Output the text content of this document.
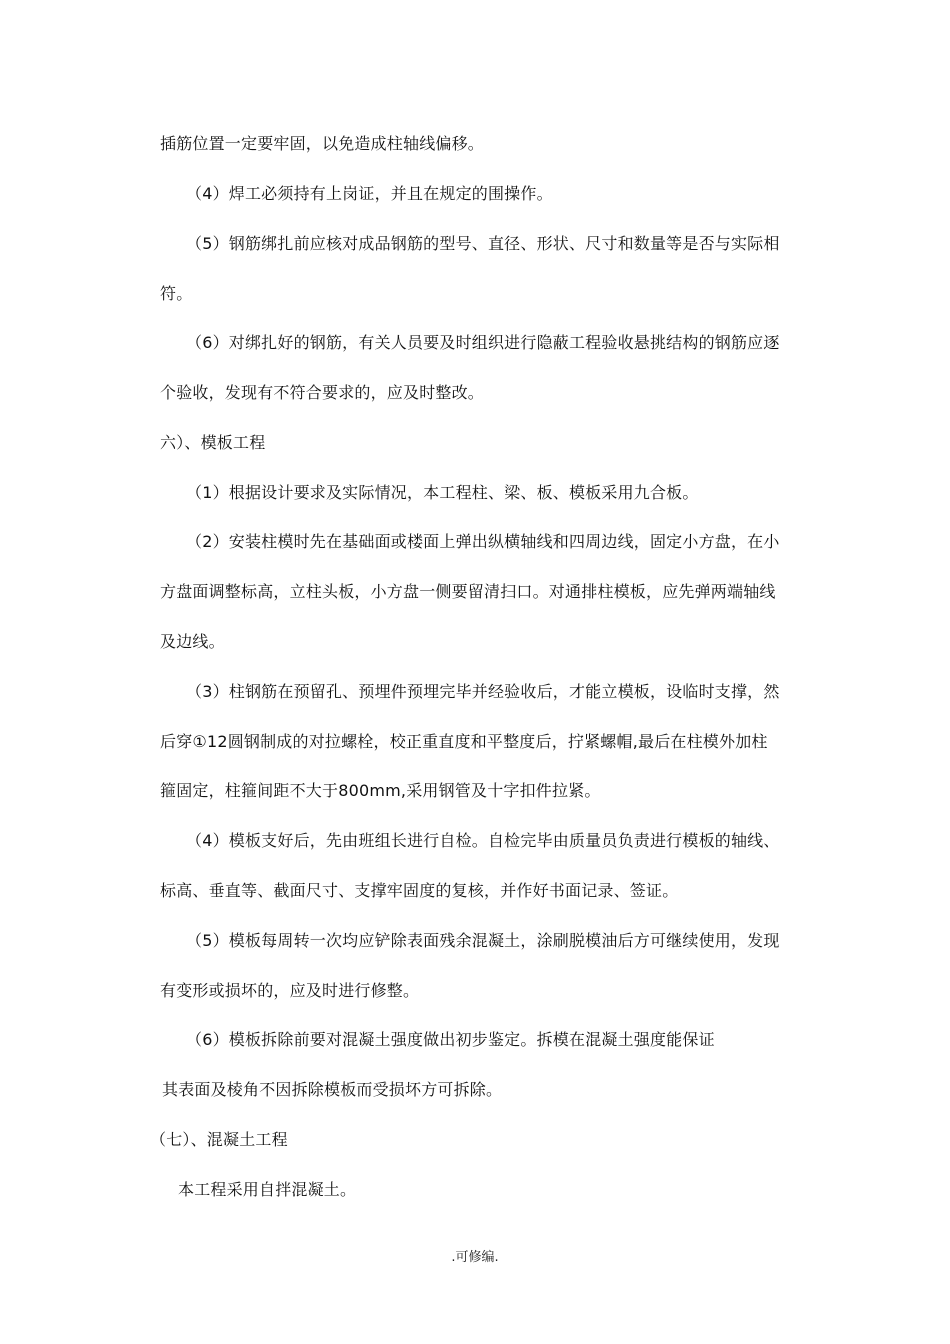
插筋位置一定要牢固，以免造成柱轴线偏移。
（4）焊工必须持有上岗证，并且在规定的围操作。
（5）钢筋绑扎前应核对成品钢筋的型号、直径、形状、尺寸和数量等是否与实际相
符。
（6）对绑扎好的钢筋，有关人员要及时组织进行隐蔽工程验收悬挑结构的钢筋应逐
个验收，发现有不符合要求的，应及时整改。
六）、模板工程
（1）根据设计要求及实际情况，本工程柱、梁、板、模板采用九合板。
（2）安装柱模时先在基础面或楼面上弹出纵横轴线和四周边线，固定小方盘，在小
方盘面调整标高，立柱头板，小方盘一侧要留清扫口。对通排柱模板，应先弹两端轴线
及边线。
（3）柱钢筋在预留孔、预埋件预埋完毕并经验收后，才能立模板，设临时支撑，然
后穿①12圆钢制成的对拉螺栓，校正重直度和平整度后，拧紧螺帽,最后在柱模外加柱
箍固定，柱箍间距不大于800mm,采用钢管及十字扣件拉紧。
（4）模板支好后，先由班组长进行自检。自检完毕由质量员负责进行模板的轴线、
标高、垂直等、截面尺寸、支撑牢固度的复核，并作好书面记录、签证。
（5）模板每周转一次均应铲除表面残余混凝土，涂刷脱模油后方可继续使用，发现
有变形或损坏的，应及时进行修整。
（6）模板拆除前要对混凝土强度做出初步鉴定。拆模在混凝土强度能保证
其表面及棱角不因拆除模板而受损坏方可拆除。
（七）、混凝土工程
本工程采用自拌混凝土。
.可修编.
